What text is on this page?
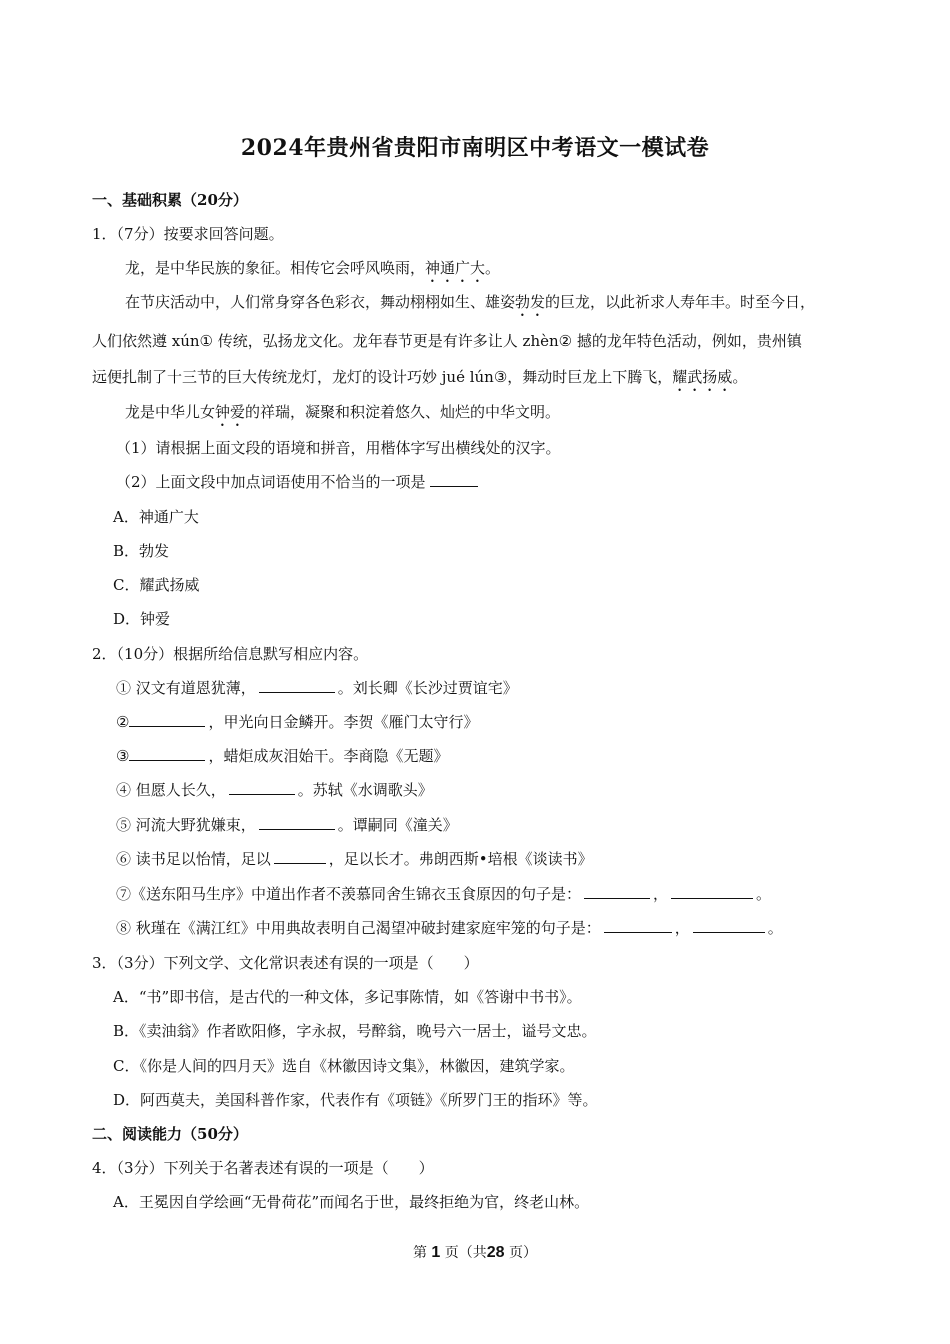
2024年贵州省贵阳市南明区中考语文一模试卷
一、基础积累（20分）
1．（7分）按要求回答问题。
龙，是中华民族的象征。相传它会呼风唤雨，神通广大。
在节庆活动中，人们常身穿各色彩衣，舞动栩栩如生、雄姿勃发的巨龙，以此祈求人寿年丰。时至今日，
人们依然遵 xún① 传统，弘扬龙文化。龙年春节更是有许多让人 zhèn② 撼的龙年特色活动，例如，贵州镇
远便扎制了十三节的巨大传统龙灯，龙灯的设计巧妙 jué lún③，舞动时巨龙上下腾飞，耀武扬威。
龙是中华儿女钟爱的祥瑞，凝聚和积淀着悠久、灿烂的中华文明。
（1）请根据上面文段的语境和拼音，用楷体字写出横线处的汉字。
（2）上面文段中加点词语使用不恰当的一项是
A．神通广大
B．勃发
C．耀武扬威
D．钟爱
2．（10分）根据所给信息默写相应内容。
① 汉文有道恩犹薄，	。刘长卿《长沙过贾谊宅》
②	，甲光向日金鳞开。李贺《雁门太守行》
③	，蜡炬成灰泪始干。李商隐《无题》
④ 但愿人长久，	。苏轼《水调歌头》
⑤ 河流大野犹嫌束，	。谭嗣同《潼关》
⑥ 读书足以怡情，足以	，足以长才。弗朗西斯•培根《谈读书》
⑦《送东阳马生序》中道出作者不羡慕同舍生锦衣玉食原因的句子是：	，	。
⑧ 秋瑾在《满江红》中用典故表明自己渴望冲破封建家庭牢笼的句子是：	，	。
3．（3分）下列文学、文化常识表述有误的一项是（　　）
A．“书”即书信，是古代的一种文体，多记事陈情，如《答谢中书书》。
B．《卖油翁》作者欧阳修，字永叔，号醉翁，晚号六一居士，谥号文忠。
C．《你是人间的四月天》选自《林徽因诗文集》，林徽因，建筑学家。
D．阿西莫夫，美国科普作家，代表作有《项链》《所罗门王的指环》等。
二、阅读能力（50分）
4．（3分）下列关于名著表述有误的一项是（　　）
A．王冕因自学绘画“无骨荷花”而闻名于世，最终拒绝为官，终老山林。
第 1 页（共28 页）
